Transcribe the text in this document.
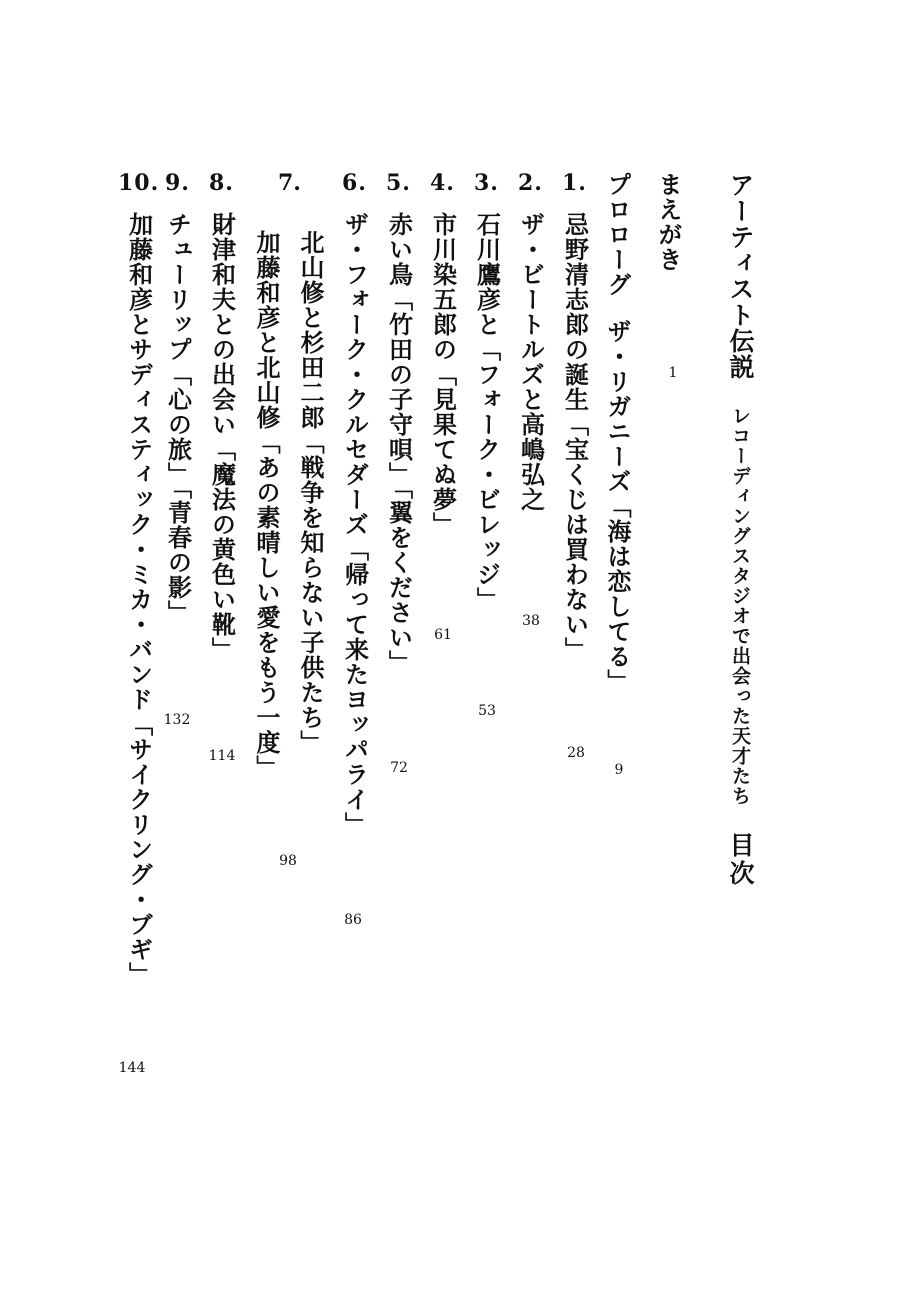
アーティスト伝説レコーディングスタジオで出会った天才たち目次
まえがき
1
プロローグザ・リガニーズ「海は恋してる」
9
1.忌野清志郎の誕生「宝くじは買わない」
28
2.ザ・ビートルズと高嶋弘之
38
3.石川鷹彦と「フォーク・ビレッジ」
53
4.市川染五郎の「見果てぬ夢」
61
5.赤い鳥「竹田の子守唄」「翼をください」
72
6.ザ・フォーク・クルセダーズ「帰って来たヨッパライ」
86
7.
北山修と杉田二郎「戦争を知らない子供たち」
加藤和彦と北山修「あの素晴しい愛をもう一度」
98
8.財津和夫との出会い「魔法の黄色い靴」
114
9.チューリップ「心の旅」「青春の影」
132
10.加藤和彦とサディスティック・ミカ・バンド「サイクリング・ブギ」
144
